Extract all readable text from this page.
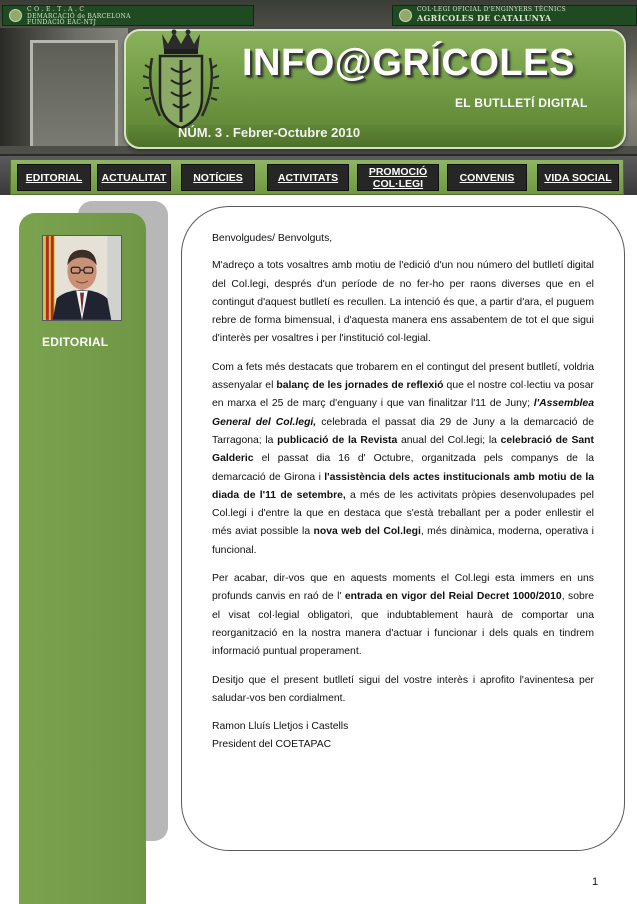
C O . E . T . A . C
DEMARCACIÓ de BARCELONA
FUNDACIÓ EAC-NTJ
COL·LEGI OFICIAL D'ENGINYERS TÈCNICS
AGRÍCOLES DE CATALUNYA
INFO@GRÍCOLES
EL BUTLLETÍ DIGITAL
NÚM. 3 . Febrer-Octubre 2010
EDITORIAL	ACTUALITAT	NOTÍCIES	ACTIVITATS	PROMOCIÓ COL·LEGI	CONVENIS	VIDA SOCIAL
EDITORIAL

Benvolgudes/ Benvolguts,

M'adreço a tots vosaltres amb motiu de l'edició d'un nou número del butlletí digital del Col.legi, després d'un període de no fer-ho per raons diverses que en el contingut d'aquest butlletí es recullen. La intenció és que, a partir d'ara, el puguem rebre de forma bimensual, i d'aquesta manera ens assabentem de tot el que sigui d'interès per vosaltres i per l'institució col·legial.

Com a fets més destacats que trobarem en el contingut del present butlletí, voldria assenyalar el balanç de les jornades de reflexió que el nostre col·lectiu va posar en marxa el 25 de març d'enguany i que van finalitzar l'11 de Juny; l'Assemblea General del Col.legi, celebrada el passat dia 29 de Juny a la demarcació de Tarragona; la publicació de la Revista anual del Col.legi; la celebració de Sant Galderic el passat dia 16 d' Octubre, organitzada pels companys de la demarcació de Girona i l'assistència dels actes institucionals amb motiu de la diada de l'11 de setembre, a més de les activitats pròpies desenvolupades pel Col.legi i d'entre la que en destaca que s'està treballant per a poder enllestir el més aviat possible la nova web del Col.legi, més dinàmica, moderna, operativa i funcional.

Per acabar, dir-vos que en aquests moments el Col.legi esta immers en uns profunds canvis en raó de l' entrada en vigor del Reial Decret 1000/2010, sobre el visat col·legial obligatori, que indubtablement haurà de comportar una reorganització en la nostra manera d'actuar i funcionar i dels quals en tindrem informació puntual properament.

Desitjo que el present butlletí sigui del vostre interès i aprofito l'avinentesa per saludar-vos ben cordialment.

Ramon Lluís Lletjos i Castells

President del COETAPAC

1
